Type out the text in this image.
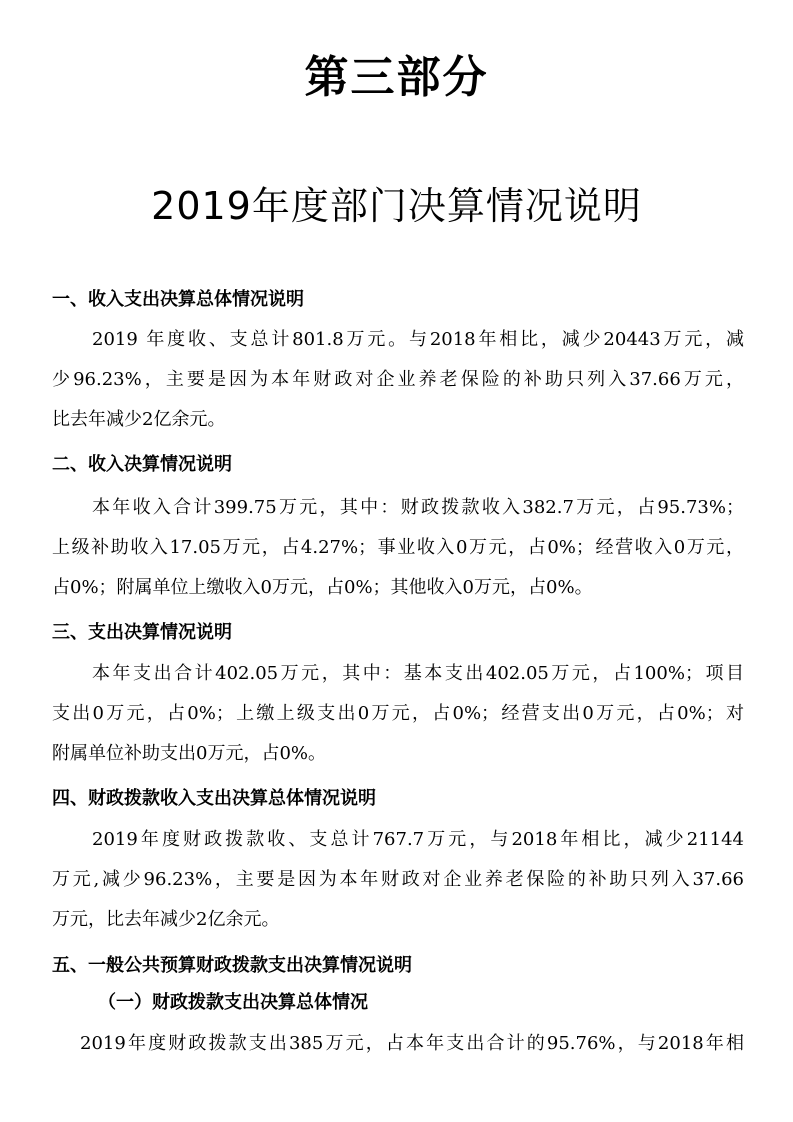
第三部分
2019年度部门决算情况说明
一、收入支出决算总体情况说明
2019 年度收、支总计801.8万元。与2018年相比，减少20443万元，减
少96.23%，主要是因为本年财政对企业养老保险的补助只列入37.66万元，
比去年减少2亿余元。
二、收入决算情况说明
本年收入合计399.75万元，其中：财政拨款收入382.7万元，占95.73%；
上级补助收入17.05万元，占4.27%；事业收入0万元，占0%；经营收入0万元，
占0%；附属单位上缴收入0万元，占0%；其他收入0万元，占0%。
三、支出决算情况说明
本年支出合计402.05万元，其中：基本支出402.05万元，占100%；项目
支出0万元，占0%；上缴上级支出0万元，占0%；经营支出0万元，占0%；对
附属单位补助支出0万元，占0%。
四、财政拨款收入支出决算总体情况说明
2019年度财政拨款收、支总计767.7万元，与2018年相比，减少21144
万元,减少96.23%，主要是因为本年财政对企业养老保险的补助只列入37.66
万元，比去年减少2亿余元。
五、一般公共预算财政拨款支出决算情况说明
（一）财政拨款支出决算总体情况
2019年度财政拨款支出385万元，占本年支出合计的95.76%，与2018年相
